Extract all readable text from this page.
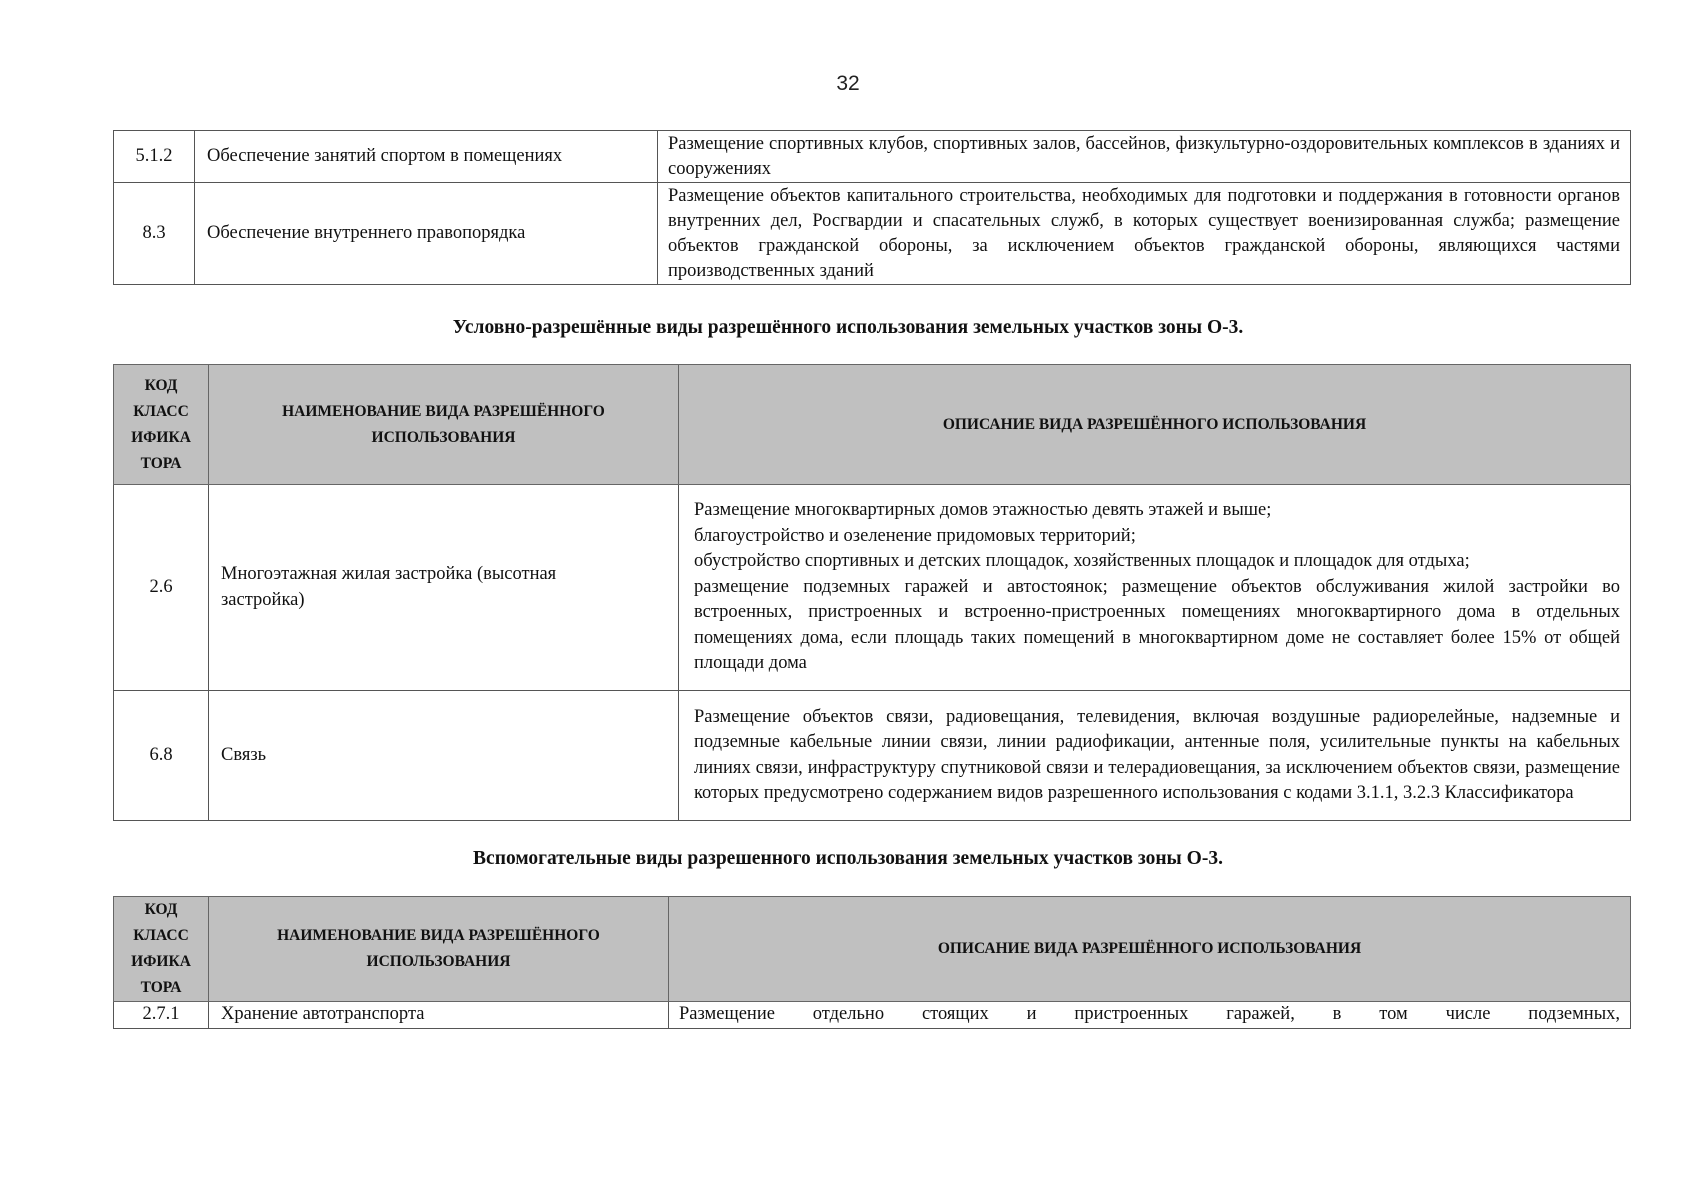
32
5.1.2	Обеспечение занятий спортом в помещениях	Размещение спортивных клубов, спортивных залов, бассейнов, физкультурно-оздоровительных комплексов в зданиях и сооружениях

8.3	Обеспечение внутреннего правопорядка	Размещение объектов капитального строительства, необходимых для подготовки и поддержания в готовности органов внутренних дел, Росгвардии и спасательных служб, в которых существует военизированная служба; размещение объектов гражданской обороны, за исключением объектов гражданской обороны, являющихся частями производственных зданий

Условно-разрешённые виды разрешённого использования земельных участков зоны О-3.
КОД КЛАСС ИФИКА ТОРА	НАИМЕНОВАНИЕ ВИДА РАЗРЕШЁННОГО ИСПОЛЬЗОВАНИЯ	ОПИСАНИЕ ВИДА РАЗРЕШЁННОГО ИСПОЛЬЗОВАНИЯ
2.6	Многоэтажная жилая застройка (высотная застройка)	Размещение многоквартирных домов этажностью девять этажей и выше;

благоустройство и озеленение придомовых территорий;

обустройство спортивных и детских площадок, хозяйственных площадок и площадок для отдыха;

размещение подземных гаражей и автостоянок; размещение объектов обслуживания жилой застройки во встроенных, пристроенных и встроенно-пристроенных помещениях многоквартирного дома в отдельных помещениях дома, если площадь таких помещений в многоквартирном доме не составляет более 15% от общей площади дома

6.8	Связь	Размещение объектов связи, радиовещания, телевидения, включая воздушные радиорелейные, надземные и подземные кабельные линии связи, линии радиофикации, антенные поля, усилительные пункты на кабельных линиях связи, инфраструктуру спутниковой связи и телерадиовещания, за исключением объектов связи, размещение которых предусмотрено содержанием видов разрешенного использования с кодами 3.1.1, 3.2.3 Классификатора

Вспомогательные виды разрешенного использования земельных участков зоны О-3.
КОД КЛАСС ИФИКА ТОРА	НАИМЕНОВАНИЕ ВИДА РАЗРЕШЁННОГО ИСПОЛЬЗОВАНИЯ	ОПИСАНИЕ ВИДА РАЗРЕШЁННОГО ИСПОЛЬЗОВАНИЯ
2.7.1	Хранение автотранспорта	Размещение отдельно стоящих и пристроенных гаражей, в том числе подземных,
